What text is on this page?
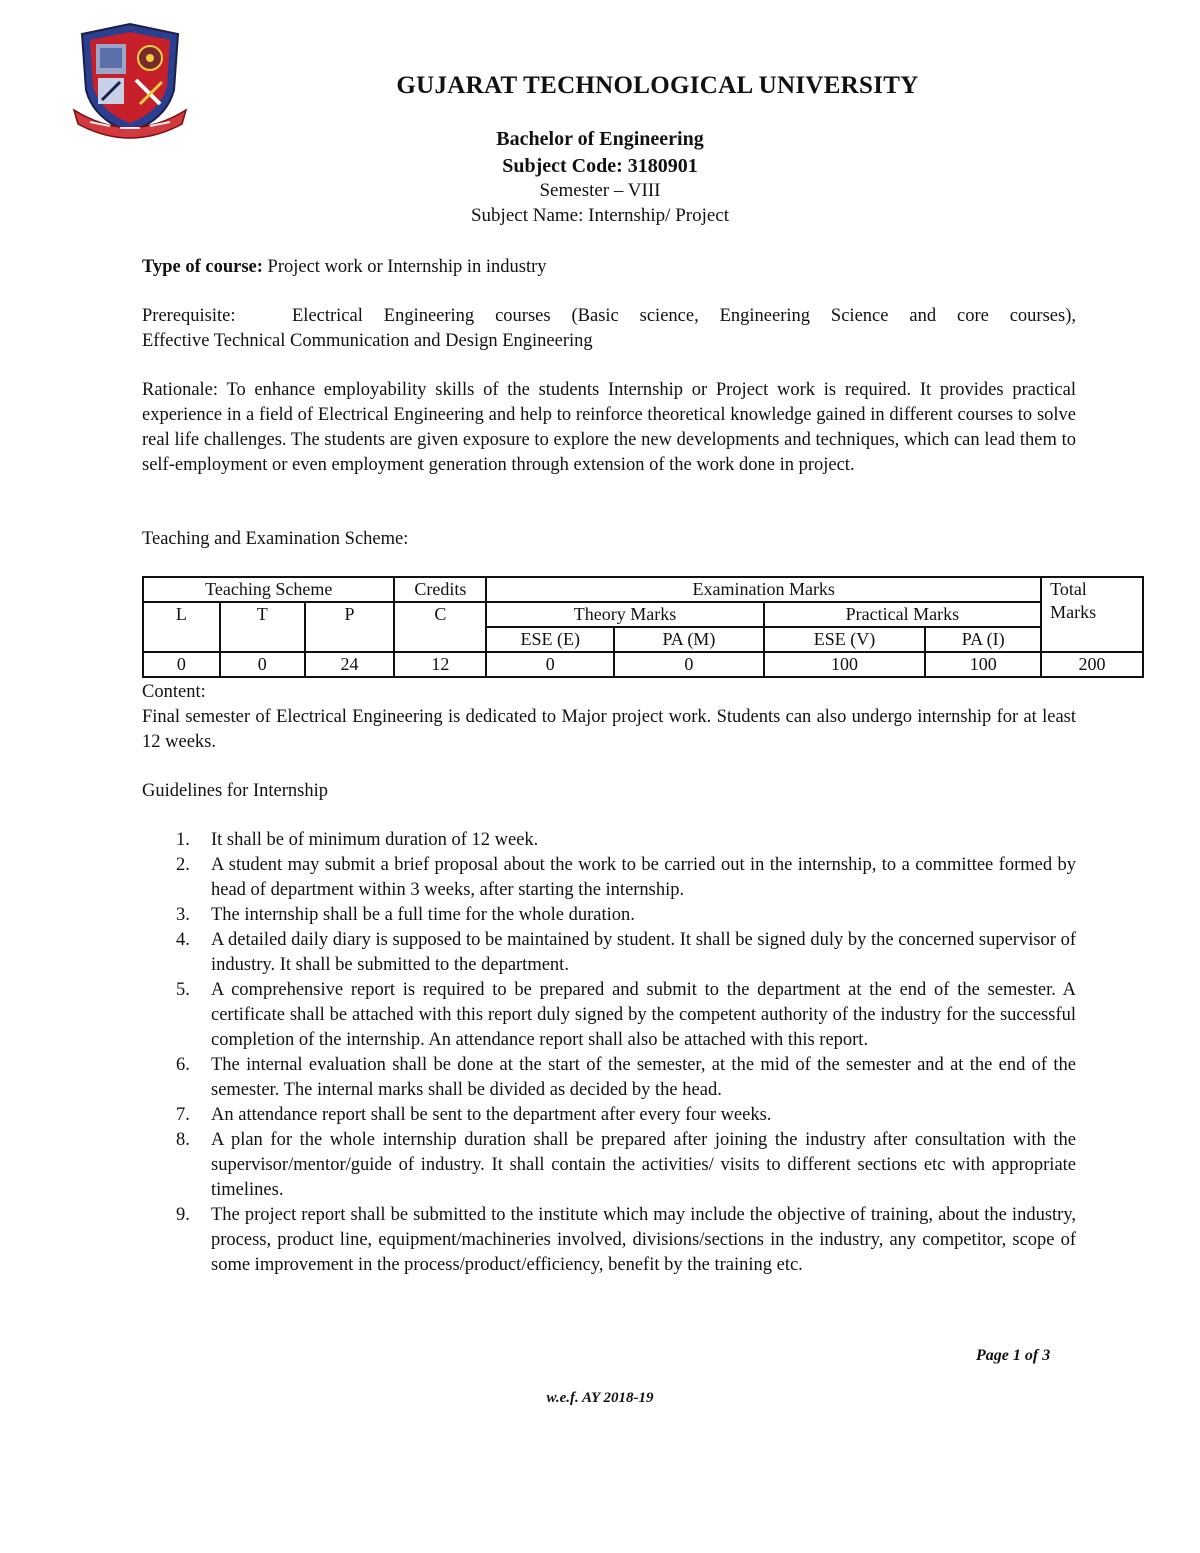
GUJARAT TECHNOLOGICAL UNIVERSITY
Bachelor of Engineering
Subject Code: 3180901
Semester – VIII
Subject Name: Internship/ Project
Type of course: Project work or Internship in industry
Prerequisite:	Electrical Engineering courses (Basic science, Engineering Science and core courses),
Effective Technical Communication and Design Engineering
Rationale: To enhance employability skills of the students Internship or Project work is required. It provides practical experience in a field of Electrical Engineering and help to reinforce theoretical knowledge gained in different courses to solve real life challenges. The students are given exposure to explore the new developments and techniques, which can lead them to self-employment or even employment generation through extension of the work done in project.
Teaching and Examination Scheme:
Teaching Scheme			Credits	Examination Marks				Total
Marks

L	T	P	C	Theory Marks		Practical Marks		
				ESE (E)	PA (M)	ESE (V)	PA (I)	
0	0	24	12	0	0	100	100	200
Content:
Final semester of Electrical Engineering is dedicated to Major project work. Students can also undergo internship for at least 12 weeks.
Guidelines for Internship
1. It shall be of minimum duration of 12 week.
2. A student may submit a brief proposal about the work to be carried out in the internship, to a committee formed by head of department within 3 weeks, after starting the internship.
3. The internship shall be a full time for the whole duration.
4. A detailed daily diary is supposed to be maintained by student. It shall be signed duly by the concerned supervisor of industry. It shall be submitted to the department.
5. A comprehensive report is required to be prepared and submit to the department at the end of the semester. A certificate shall be attached with this report duly signed by the competent authority of the industry for the successful completion of the internship. An attendance report shall also be attached with this report.
6. The internal evaluation shall be done at the start of the semester, at the mid of the semester and at the end of the semester. The internal marks shall be divided as decided by the head.
7. An attendance report shall be sent to the department after every four weeks.
8. A plan for the whole internship duration shall be prepared after joining the industry after consultation with the supervisor/mentor/guide of industry. It shall contain the activities/ visits to different sections etc with appropriate timelines.
9. The project report shall be submitted to the institute which may include the objective of training, about the industry, process, product line, equipment/machineries involved, divisions/sections in the industry, any competitor, scope of some improvement in the process/product/efficiency, benefit by the training etc.
Page 1 of 3
w.e.f. AY 2018-19
